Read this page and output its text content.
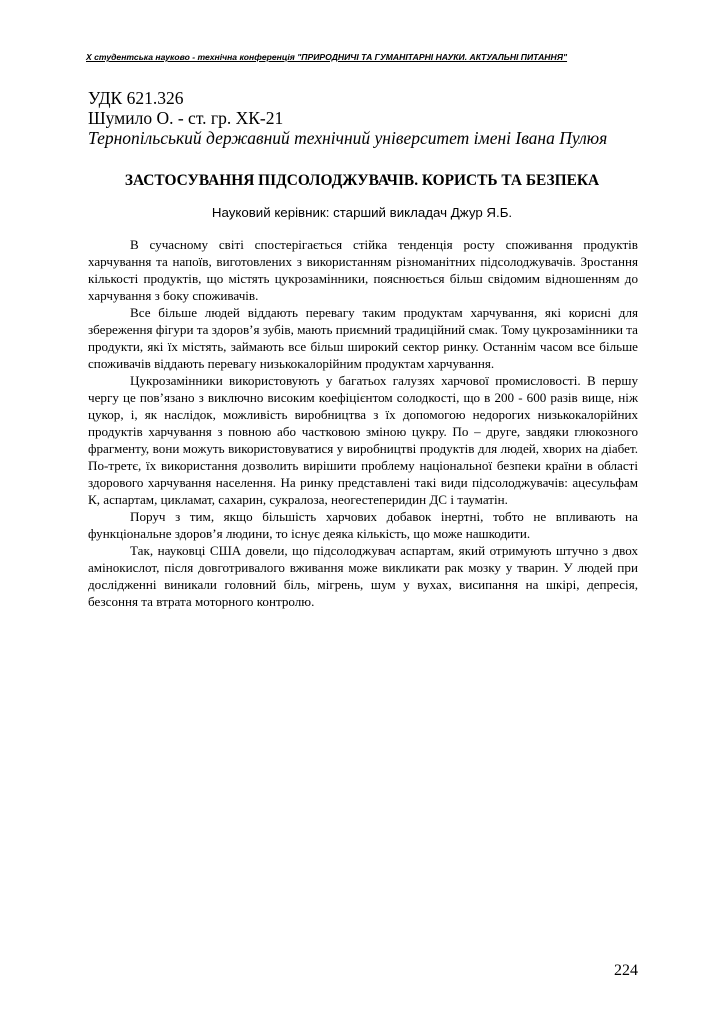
X студентська науково - технічна конференція "ПРИРОДНИЧІ ТА ГУМАНІТАРНІ НАУКИ. АКТУАЛЬНІ ПИТАННЯ"
УДК 621.326
Шумило О. - ст. гр. ХК-21
Тернопільський державний технічний університет імені Івана Пулюя
ЗАСТОСУВАННЯ ПІДСОЛОДЖУВАЧІВ. КОРИСТЬ ТА БЕЗПЕКА
Науковий керівник: старший викладач Джур Я.Б.

В сучасному світі спостерігається стійка тенденція росту споживання продуктів харчування та напоїв, виготовлених з використанням різноманітних підсолоджувачів. Зростання кількості продуктів, що містять цукрозамінники, пояснюється більш свідомим відношенням до харчування з боку споживачів.

Все більше людей віддають перевагу таким продуктам харчування, які корисні для збереження фігури та здоров’я зубів, мають приємний традиційний смак. Тому цукрозамінники та продукти, які їх містять, займають все більш широкий сектор ринку. Останнім часом все більше споживачів віддають перевагу низькокалорійним продуктам харчування.

Цукрозамінники використовують у багатьох галузях харчової промисловості. В першу чергу це пов’язано з виключно високим коефіцієнтом солодкості, що в 200 - 600 разів вище, ніж цукор, і, як наслідок, можливість виробництва з їх допомогою недорогих низькокалорійних продуктів харчування з повною або частковою зміною цукру. По – друге, завдяки глюкозного фрагменту, вони можуть використовуватися у виробництві продуктів для людей, хворих на діабет. По-третє, їх використання дозволить вирішити проблему національної безпеки країни в області здорового харчування населення. На ринку представлені такі види підсолоджувачів: ацесульфам К, аспартам, цикламат, сахарин, сукралоза, неогестеперидин ДС і тауматін.

Поруч з тим, якщо більшість харчових добавок інертні, тобто не впливають на функціональне здоров’я людини, то існує деяка кількість, що може нашкодити.

Так, науковці США довели, що підсолоджувач аспартам, який отримують штучно з двох амінокислот, після довготривалого вживання може викликати рак мозку у тварин. У людей при дослідженні виникали головний біль, мігрень, шум у вухах, висипання на шкірі, депресія, безсоння та втрата моторного контролю.

224
